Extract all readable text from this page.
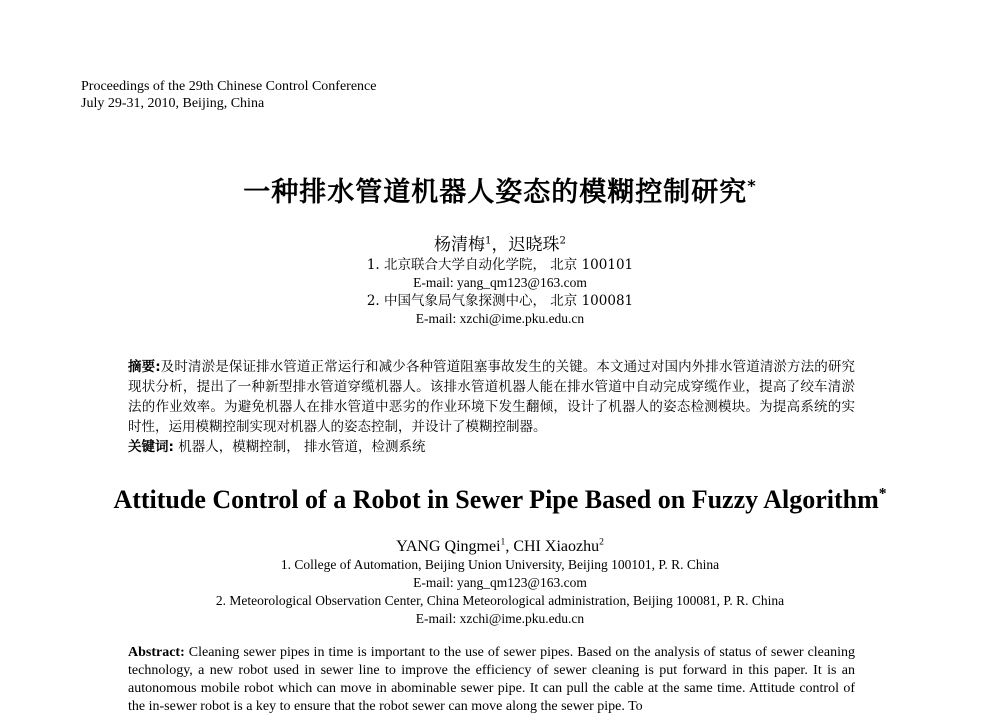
Proceedings of the 29th Chinese Control Conference
July 29-31, 2010, Beijing, China
一种排水管道机器人姿态的模糊控制研究*
杨清梅$^1$，迟晓珠$^2$
1. 北京联合大学自动化学院， 北京 100101
E-mail: yang_qm123@163.com
2. 中国气象局气象探测中心， 北京 100081
E-mail: xzchi@ime.pku.edu.cn
摘要:及时清淤是保证排水管道正常运行和减少各种管道阻塞事故发生的关键。本文通过对国内外排水管道清淤方法的研究现状分析，提出了一种新型排水管道穿缆机器人。该排水管道机器人能在排水管道中自动完成穿缆作业，提高了绞车清淤法的作业效率。为避免机器人在排水管道中恶劣的作业环境下发生翻倾，设计了机器人的姿态检测模块。为提高系统的实时性，运用模糊控制实现对机器人的姿态控制，并设计了模糊控制器。
关键词: 机器人，模糊控制， 排水管道，检测系统
Attitude Control of a Robot in Sewer Pipe Based on Fuzzy Algorithm*
YANG Qingmei$^1$, CHI Xiaozhu$^2$
1. College of Automation, Beijing Union University, Beijing 100101, P. R. China
E-mail: yang_qm123@163.com
2. Meteorological Observation Center, China Meteorological administration, Beijing 100081, P. R. China
E-mail: xzchi@ime.pku.edu.cn
Abstract: Cleaning sewer pipes in time is important to the use of sewer pipes. Based on the analysis of status of sewer cleaning technology, a new robot used in sewer line to improve the efficiency of sewer cleaning is put forward in this paper. It is an autonomous mobile robot which can move in abominable sewer pipe. It can pull the cable at the same time. Attitude control of the in-sewer robot is a key to ensure that the robot sewer can move along the sewer pipe. To
